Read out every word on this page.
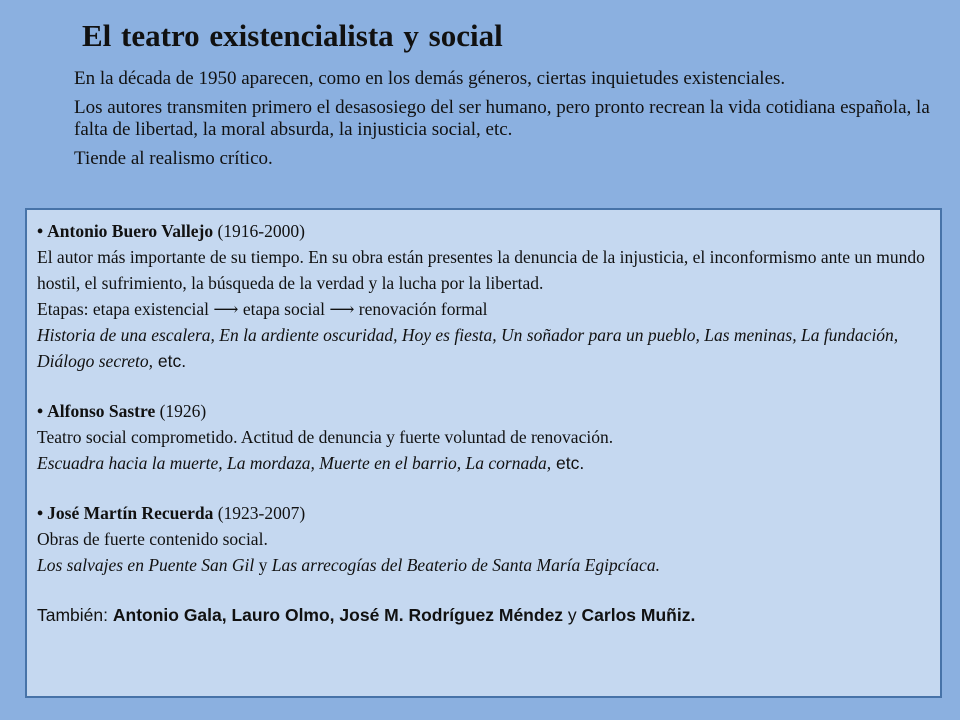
El teatro existencialista y social

En la década de 1950 aparecen, como en los demás géneros, ciertas inquietudes existenciales.

Los autores transmiten primero el desasosiego del ser humano, pero pronto recrean la vida cotidiana española, la falta de libertad, la moral absurda, la injusticia social, etc.

Tiende al realismo crítico.

• Antonio Buero Vallejo (1916-2000)
El autor más importante de su tiempo. En su obra están presentes la denuncia de la injusticia, el inconformismo ante un mundo hostil, el sufrimiento, la búsqueda de la verdad y la lucha por la libertad.
Etapas: etapa existencial ⟶ etapa social ⟶ renovación formal
Historia de una escalera, En la ardiente oscuridad, Hoy es fiesta, Un soñador para un pueblo, Las meninas, La fundación, Diálogo secreto, etc.
• Alfonso Sastre (1926)
Teatro social comprometido. Actitud de denuncia y fuerte voluntad de renovación.
Escuadra hacia la muerte, La mordaza, Muerte en el barrio, La cornada, etc.
• José Martín Recuerda (1923-2007)
Obras de fuerte contenido social.
Los salvajes en Puente San Gil y Las arrecogías del Beaterio de Santa María Egipcíaca.
También: Antonio Gala, Lauro Olmo, José M. Rodríguez Méndez y Carlos Muñiz.
